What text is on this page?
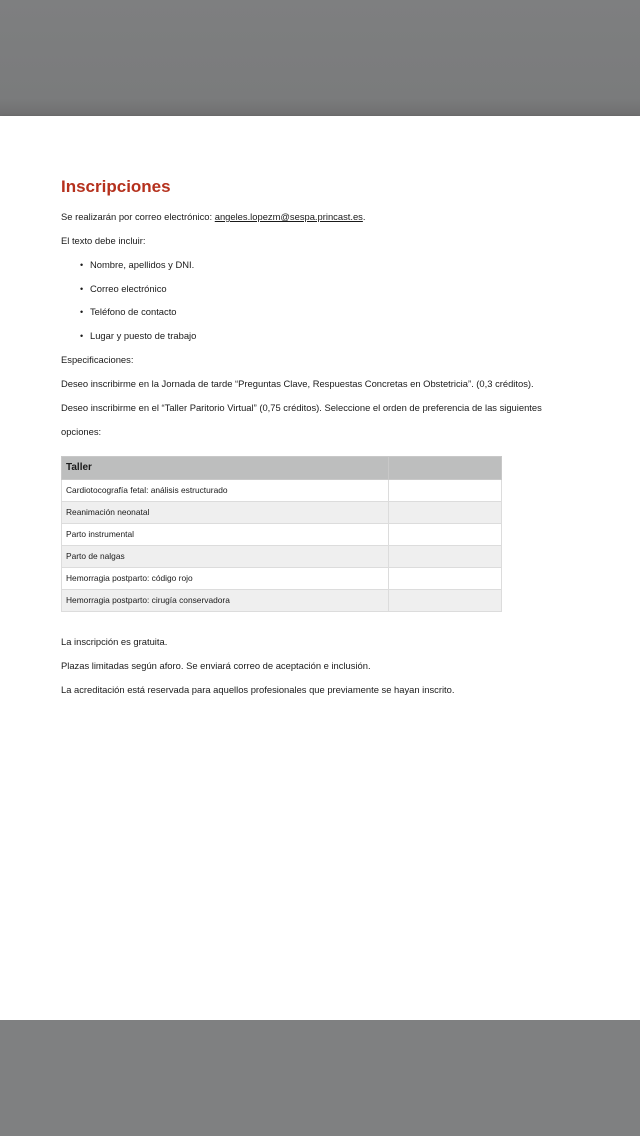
Inscripciones

Se realizarán por correo electrónico: angeles.lopezm@sespa.princast.es.

El texto debe incluir:

• Nombre, apellidos y DNI.
• Correo electrónico
• Teléfono de contacto
• Lugar y puesto de trabajo

Especificaciones:

Deseo inscribirme en la Jornada de tarde “Preguntas Clave, Respuestas Concretas en Obstetricia”. (0,3 créditos).

Deseo inscribirme en el “Taller Paritorio Virtual” (0,75 créditos). Seleccione el orden de preferencia de las siguientes

opciones:

Taller	
Cardiotocografía fetal: análisis estructurado	
Reanimación neonatal	
Parto instrumental	
Parto de nalgas	
Hemorragia postparto: código rojo	
Hemorragia postparto: cirugía conservadora	

La inscripción es gratuita.

Plazas limitadas según aforo. Se enviará correo de aceptación e inclusión.

La acreditación está reservada para aquellos profesionales que previamente se hayan inscrito.
